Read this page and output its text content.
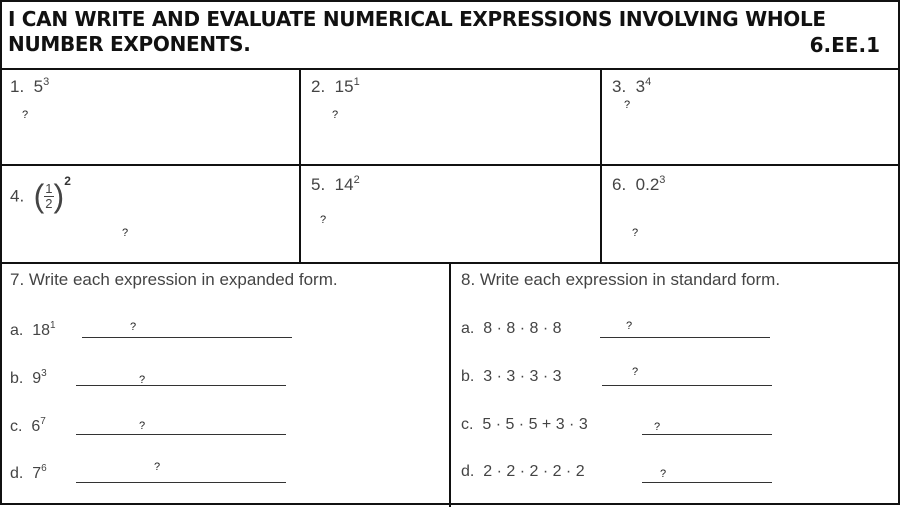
I CAN WRITE AND EVALUATE NUMERICAL EXPRESSIONS INVOLVING WHOLE NUMBER EXPONENTS.	6.EE.1
1. $5^3$
?
2. $15^1$
?
3. $3^4$
?
4. ( $\frac{1}{2} )^2$
?
5. $14^2$
?
6. $0.2^3$
?
7. Write each expression in expanded form.
a. $18^1$	?
b. $9^3$
?
c. $6^7$	?
d. $7^6$	?
8. Write each expression in standard form.
a. 8 · 8 · 8 · 8	?
b. 3 · 3 · 3 · 3	?
c. 5 · 5 · 5 + 3 · 3	?
d. 2 · 2 · 2 · 2 · 2	?
